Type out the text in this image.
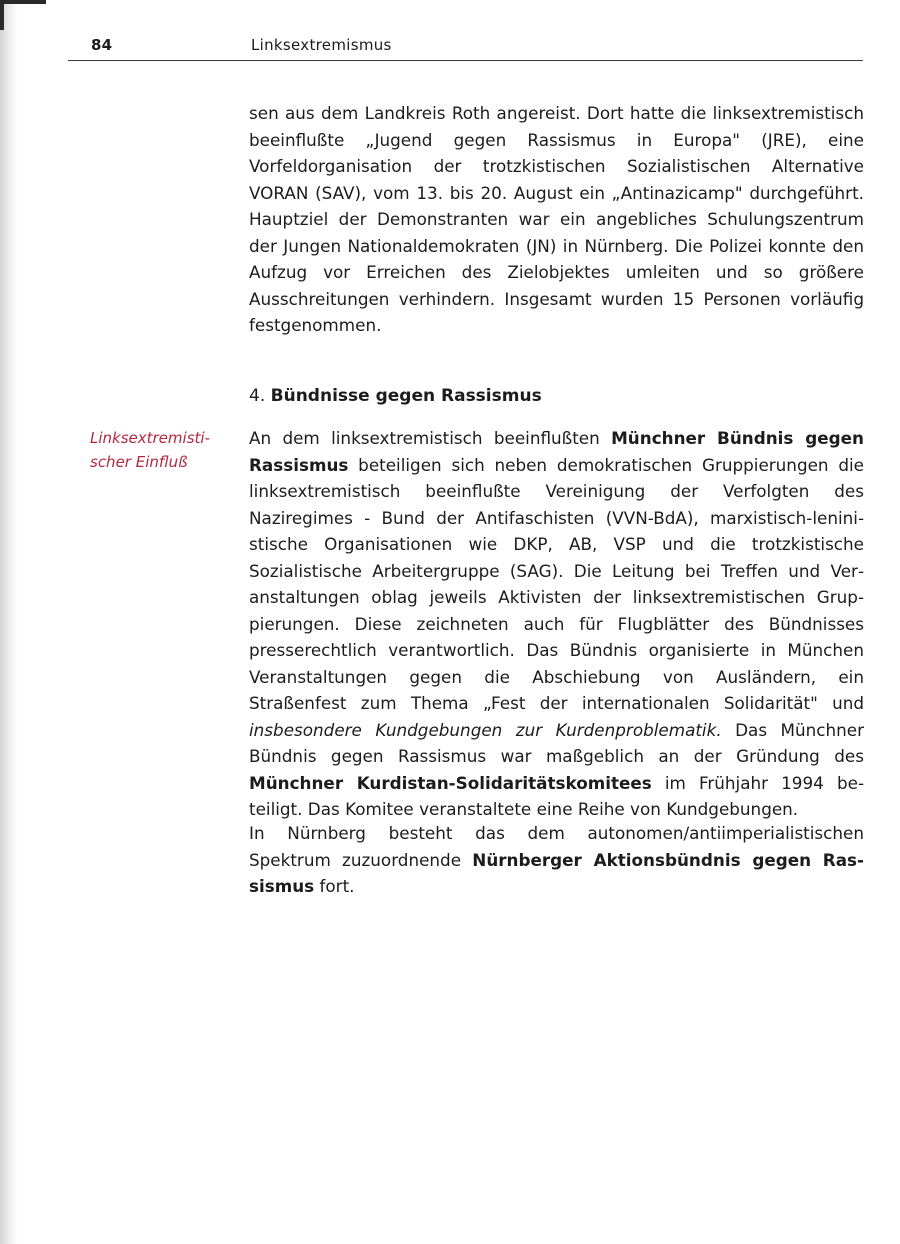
84	Linksextremismus

sen aus dem Landkreis Roth angereist. Dort hatte die linksextremistisch beeinflußte „Jugend gegen Rassismus in Europa" (JRE), eine Vorfeldorganisation der trotzkistischen Sozialistischen Alternative VORAN (SAV), vom 13. bis 20. August ein „Antinazicamp" durchgeführt. Hauptziel der Demonstranten war ein angebliches Schulungszentrum der Jungen Nationaldemokraten (JN) in Nürnberg. Die Polizei konnte den Aufzug vor Erreichen des Zielobjektes umleiten und so größere Ausschreitungen verhindern. Insgesamt wurden 15 Personen vorläufig festgenommen.

4. Bündnisse gegen Rassismus
Linksextremistischer Einfluß

An dem linksextremistisch beeinflußten Münchner Bündnis gegen Rassismus beteiligen sich neben demokratischen Gruppierungen die linksextremistisch beeinflußte Vereinigung der Verfolgten des Naziregimes - Bund der Antifaschisten (VVN-BdA), marxistisch-leninistische Organisationen wie DKP, AB, VSP und die trotzkistische Sozialistische Arbeitergruppe (SAG). Die Leitung bei Treffen und Veranstaltungen oblag jeweils Aktivisten der linksextremistischen Gruppierungen. Diese zeichneten auch für Flugblätter des Bündnisses presserechtlich verantwortlich. Das Bündnis organisierte in München Veranstaltungen gegen die Abschiebung von Ausländern, ein Straßenfest zum Thema „Fest der internationalen Solidarität" und insbesondere Kundgebungen zur Kurdenproblematik. Das Münchner Bündnis gegen Rassismus war maßgeblich an der Gründung des Münchner Kurdistan-Solidaritätskomitees im Frühjahr 1994 beteiligt. Das Komitee veranstaltete eine Reihe von Kundgebungen.

In Nürnberg besteht das dem autonomen/antiimperialistischen Spektrum zuzuordnende Nürnberger Aktionsbündnis gegen Rassismus fort.
